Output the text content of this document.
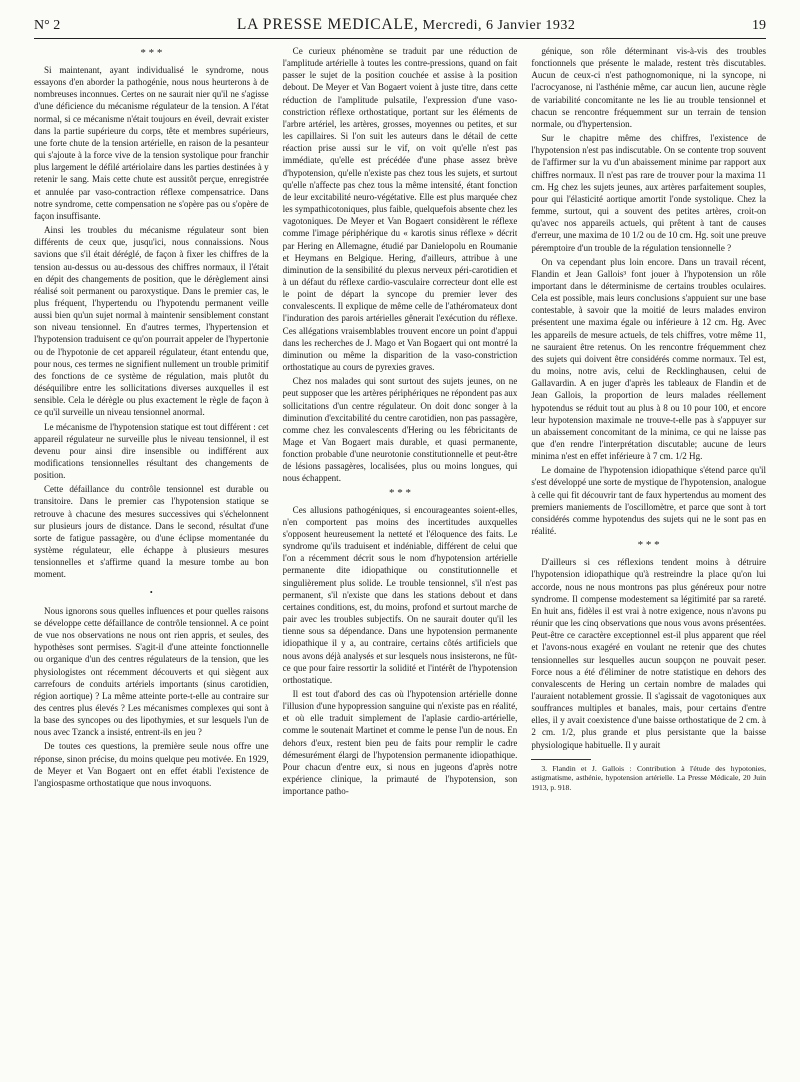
N° 2	LA PRESSE MEDICALE, Mercredi, 6 Janvier 1932	19

* * *

Si maintenant, ayant individualisé le syndrome, nous essayons d'en aborder la pathogénie, nous nous heurterons à de nombreuses inconnues. Certes on ne saurait nier qu'il ne s'agisse d'une déficience du mécanisme régulateur de la tension. A l'état normal, si ce mécanisme n'était toujours en éveil, devrait exister dans la partie supérieure du corps, tête et membres supérieurs, une forte chute de la tension artérielle, en raison de la pesanteur qui s'ajoute à la force vive de la tension systolique pour franchir plus largement le défilé artériolaire dans les parties destinées à y retenir le sang. Mais cette chute est aussitôt perçue, enregistrée et annulée par vaso-contraction réflexe compensatrice. Dans notre syndrome, cette compensation ne s'opère pas ou s'opère de façon insuffisante.

Ainsi les troubles du mécanisme régulateur sont bien différents de ceux que, jusqu'ici, nous connaissions. Nous savions que s'il était déréglé, de façon à fixer les chiffres de la tension au-dessus ou au-dessous des chiffres normaux, il l'était en dépit des changements de position, que le dérèglement ainsi réalisé soit permanent ou paroxystique. Dans le premier cas, le plus fréquent, l'hypertendu ou l'hypotendu permanent veille aussi bien qu'un sujet normal à maintenir sensiblement constant son niveau tensionnel. En d'autres termes, l'hypertension et l'hypotension traduisent ce qu'on pourrait appeler de l'hypertonie ou de l'hypotonie de cet appareil régulateur, étant entendu que, pour nous, ces termes ne signifient nullement un trouble primitif des fonctions de ce système de régulation, mais plutôt du déséquilibre entre les sollicitations diverses auxquelles il est sensible. Cela le dérègle ou plus exactement le règle de façon à ce qu'il surveille un niveau tensionnel anormal.

Le mécanisme de l'hypotension statique est tout différent : cet appareil régulateur ne surveille plus le niveau tensionnel, il est devenu pour ainsi dire insensible ou indifférent aux modifications tensionnelles résultant des changements de position.

Cette défaillance du contrôle tensionnel est durable ou transitoire. Dans le premier cas l'hypotension statique se retrouve à chacune des mesures successives qui s'échelonnent sur plusieurs jours de distance. Dans le second, résultat d'une sorte de fatigue passagère, ou d'une éclipse momentanée du système régulateur, elle échappe à plusieurs mesures tensionnelles et s'affirme quand la mesure tombe au bon moment.

•

Nous ignorons sous quelles influences et pour quelles raisons se développe cette défaillance de contrôle tensionnel. A ce point de vue nos observations ne nous ont rien appris, et seules, des hypothèses sont permises. S'agit-il d'une atteinte fonctionnelle ou organique d'un des centres régulateurs de la tension, que les physiologistes ont récemment découverts et qui siègent aux carrefours de conduits artériels importants (sinus carotidien, région aortique) ? La même atteinte porte-t-elle au contraire sur des centres plus élevés ? Les mécanismes complexes qui sont à la base des syncopes ou des lipothymies, et sur lesquels l'un de nous avec Tzanck a insisté, entrent-ils en jeu ?

De toutes ces questions, la première seule nous offre une réponse, sinon précise, du moins quelque peu motivée. En 1929, de Meyer et Van Bogaert ont en effet établi l'existence de l'angiospasme orthostatique que nous invoquons.

Ce curieux phénomène se traduit par une réduction de l'amplitude artérielle à toutes les contre-pressions, quand on fait passer le sujet de la position couchée et assise à la position debout. De Meyer et Van Bogaert voient à juste titre, dans cette réduction de l'amplitude pulsatile, l'expression d'une vaso-constriction réflexe orthostatique, portant sur les éléments de l'arbre artériel, les artères, grosses, moyennes ou petites, et sur les capillaires. Si l'on suit les auteurs dans le détail de cette réaction prise aussi sur le vif, on voit qu'elle n'est pas immédiate, qu'elle est précédée d'une phase assez brève d'hypotension, qu'elle n'existe pas chez tous les sujets, et surtout qu'elle n'affecte pas chez tous la même intensité, étant fonction de leur excitabilité neuro-végétative. Elle est plus marquée chez les sympathicotoniques, plus faible, quelquefois absente chez les vagotoniques. De Meyer et Van Bogaert considèrent le réflexe comme l'image périphérique du « karotis sinus réflexe » décrit par Hering en Allemagne, étudié par Danielopolu en Roumanie et Heymans en Belgique. Hering, d'ailleurs, attribue à une diminution de la sensibilité du plexus nerveux péri-carotidien et à un défaut du réflexe cardio-vasculaire correcteur dont elle est le point de départ la syncope du premier lever des convalescents. Il explique de même celle de l'athéromateux dont l'induration des parois artérielles gênerait l'exécution du réflexe. Ces allégations vraisemblables trouvent encore un point d'appui dans les recherches de J. Mago et Van Bogaert qui ont montré la diminution ou même la disparition de la vaso-constriction orthostatique au cours de pyrexies graves.

Chez nos malades qui sont surtout des sujets jeunes, on ne peut supposer que les artères périphériques ne répondent pas aux sollicitations d'un centre régulateur. On doit donc songer à la diminution d'excitabilité du centre carotidien, non pas passagère, comme chez les convalescents d'Hering ou les fébricitants de Mage et Van Bogaert mais durable, et quasi permanente, fonction probable d'une neurotonie constitutionnelle et peut-être de lésions passagères, localisées, plus ou moins longues, qui nous échappent.

* * *

Ces allusions pathogéniques, si encourageantes soient-elles, n'en comportent pas moins des incertitudes auxquelles s'opposent heureusement la netteté et l'éloquence des faits. Le syndrome qu'ils traduisent et indéniable, différent de celui que l'on a récemment décrit sous le nom d'hypotension artérielle permanente dite idiopathique ou constitutionnelle et singulièrement plus solide. Le trouble tensionnel, s'il n'est pas permanent, s'il n'existe que dans les stations debout et dans certaines conditions, est, du moins, profond et surtout marche de pair avec les troubles subjectifs. On ne saurait douter qu'il les tienne sous sa dépendance. Dans une hypotension permanente idiopathique il y a, au contraire, certains côtés artificiels que nous avons déjà analysés et sur lesquels nous insisterons, ne fût-ce que pour faire ressortir la solidité et l'intérêt de l'hypotension orthostatique.

Il est tout d'abord des cas où l'hypotension artérielle donne l'illusion d'une hypopression sanguine qui n'existe pas en réalité, et où elle traduit simplement de l'aplasie cardio-artérielle, comme le soutenait Martinet et comme le pense l'un de nous. En dehors d'eux, restent bien peu de faits pour remplir le cadre démesurément élargi de l'hypotension permanente idiopathique. Pour chacun d'entre eux, si nous en jugeons d'après notre expérience clinique, la primauté de l'hypotension, son importance patho-

génique, son rôle déterminant vis-à-vis des troubles fonctionnels que présente le malade, restent très discutables. Aucun de ceux-ci n'est pathognomonique, ni la syncope, ni l'acrocyanose, ni l'asthénie même, car aucun lien, aucune règle de variabilité concomitante ne les lie au trouble tensionnel et chacun se rencontre fréquemment sur un terrain de tension normale, ou d'hypertension.

Sur le chapitre même des chiffres, l'existence de l'hypotension n'est pas indiscutable. On se contente trop souvent de l'affirmer sur la vu d'un abaissement minime par rapport aux chiffres normaux. Il n'est pas rare de trouver pour la maxima 11 cm. Hg chez les sujets jeunes, aux artères parfaitement souples, pour qui l'élasticité aortique amortit l'onde systolique. Chez la femme, surtout, qui a souvent des petites artères, croit-on qu'avec nos appareils actuels, qui prêtent à tant de causes d'erreur, une maxima de 10 1/2 ou de 10 cm. Hg. soit une preuve péremptoire d'un trouble de la régulation tensionnelle ?

On va cependant plus loin encore. Dans un travail récent, Flandin et Jean Gallois³ font jouer à l'hypotension un rôle important dans le déterminisme de certains troubles oculaires. Cela est possible, mais leurs conclusions s'appuient sur une base contestable, à savoir que la moitié de leurs malades environ présentent une maxima égale ou inférieure à 12 cm. Hg. Avec les appareils de mesure actuels, de tels chiffres, votre même 11, ne sauraient être retenus. On les rencontre fréquemment chez des sujets qui doivent être considérés comme normaux. Tel est, du moins, notre avis, celui de Recklinghausen, celui de Gallavardin. A en juger d'après les tableaux de Flandin et de Jean Gallois, la proportion de leurs malades réellement hypotendus se réduit tout au plus à 8 ou 10 pour 100, et encore leur hypotension maximale ne trouve-t-elle pas à s'appuyer sur un abaissement concomitant de la minima, ce qui ne laisse pas que d'en rendre l'interprétation discutable; aucune de leurs minima n'est en effet inférieure à 7 cm. 1/2 Hg.

Le domaine de l'hypotension idiopathique s'étend parce qu'il s'est développé une sorte de mystique de l'hypotension, analogue à celle qui fit découvrir tant de faux hypertendus au moment des premiers maniements de l'oscillomètre, et parce que sont à tort considérés comme hypotendus des sujets qui ne le sont pas en réalité.

* * *

D'ailleurs si ces réflexions tendent moins à détruire l'hypotension idiopathique qu'à restreindre la place qu'on lui accorde, nous ne nous montrons pas plus généreux pour notre syndrome. Il compense modestement sa légitimité par sa rareté. En huit ans, fidèles il est vrai à notre exigence, nous n'avons pu réunir que les cinq observations que nous vous avons présentées. Peut-être ce caractère exceptionnel est-il plus apparent que réel et l'avons-nous exagéré en voulant ne retenir que des chutes tensionnelles sur lesquelles aucun soupçon ne pouvait peser. Force nous a été d'éliminer de notre statistique en dehors des convalescents de Hering un certain nombre de malades qui l'auraient notablement grossie. Il s'agissait de vagotoniques aux souffrances multiples et banales, mais, pour certains d'entre elles, il y avait coexistence d'une baisse orthostatique de 2 cm. à 2 cm. 1/2, plus grande et plus persistante que la baisse physiologique habituelle. Il y aurait

3. Flandin et J. Gallois : Contribution à l'étude des hypotonies, astigmatisme, asthénie, hypotension artérielle. La Presse Médicale, 20 Juin 1913, p. 918.
